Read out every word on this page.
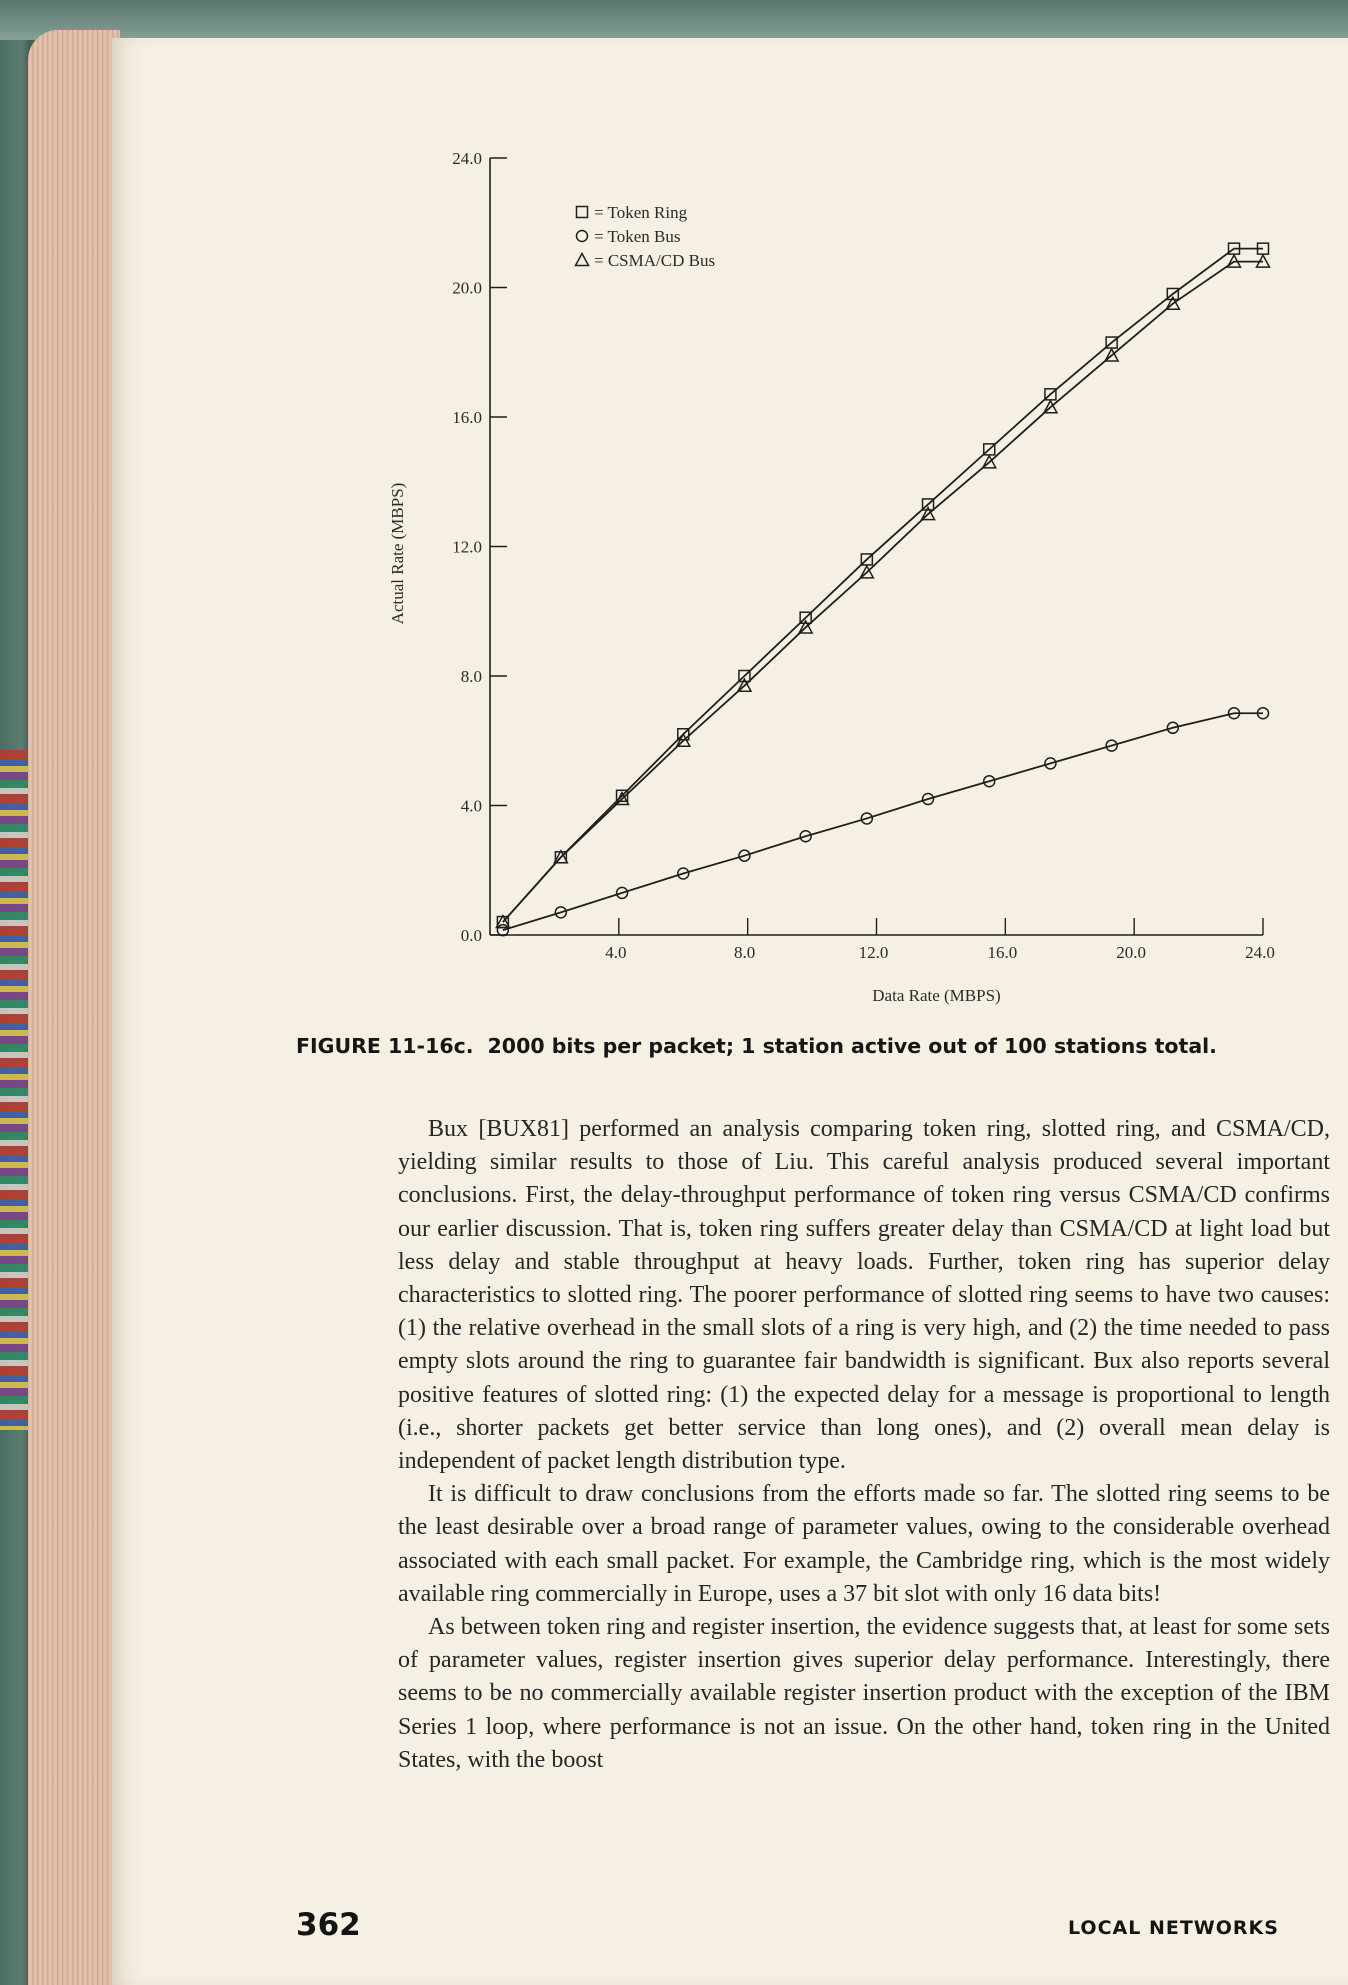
0.0
4.0
8.0
12.0
16.0
20.0
24.0
4.0	8.0	12.0	16.0	20.0	24.0
Data Rate (MBPS)
Actual Rate (MBPS)
= Token Ring
= Token Bus
= CSMA/CD Bus
FIGURE 11-16c. 2000 bits per packet; 1 station active out of 100 stations total.

Bux [BUX81] performed an analysis comparing token ring, slotted ring, and CSMA/CD, yielding similar results to those of Liu. This careful analysis produced several important conclusions. First, the delay-throughput performance of token ring versus CSMA/CD confirms our earlier discussion. That is, token ring suffers greater delay than CSMA/CD at light load but less delay and stable throughput at heavy loads. Further, token ring has superior delay characteristics to slotted ring. The poorer performance of slotted ring seems to have two causes: (1) the relative overhead in the small slots of a ring is very high, and (2) the time needed to pass empty slots around the ring to guarantee fair bandwidth is significant. Bux also reports several positive features of slotted ring: (1) the expected delay for a message is proportional to length (i.e., shorter packets get better service than long ones), and (2) overall mean delay is independent of packet length distribution type.

It is difficult to draw conclusions from the efforts made so far. The slotted ring seems to be the least desirable over a broad range of parameter values, owing to the considerable overhead associated with each small packet. For example, the Cambridge ring, which is the most widely available ring commercially in Europe, uses a 37 bit slot with only 16 data bits!

As between token ring and register insertion, the evidence suggests that, at least for some sets of parameter values, register insertion gives superior delay performance. Interestingly, there seems to be no commercially available register insertion product with the exception of the IBM Series 1 loop, where performance is not an issue. On the other hand, token ring in the United States, with the boost

362	LOCAL NETWORKS
